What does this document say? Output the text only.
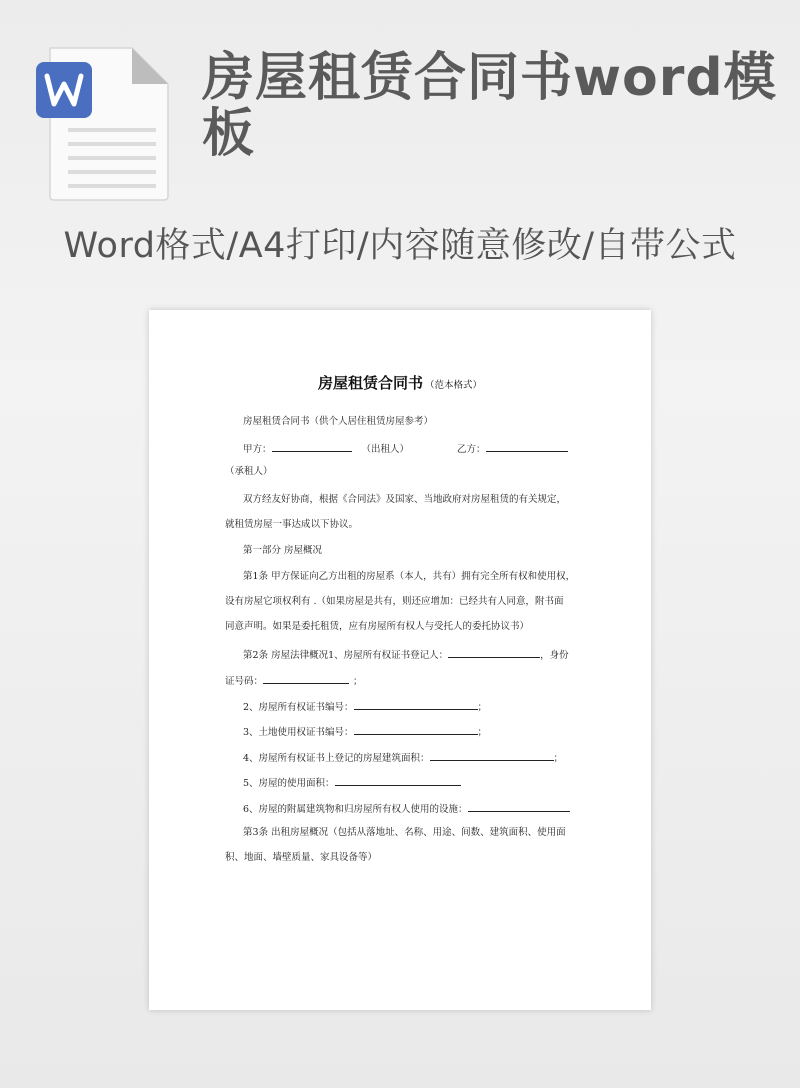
房屋租赁合同书word模板
Word格式/A4打印/内容随意修改/自带公式
房屋租赁合同书 （范本格式）
房屋租赁合同书（供个人居住租赁房屋参考）
甲方：	（出租人）	乙方：
（承租人）
双方经友好协商，根据《合同法》及国家、当地政府对房屋租赁的有关规定，
就租赁房屋一事达成以下协议。
第一部分 房屋概况
第1条 甲方保证向乙方出租的房屋系（本人，共有）拥有完全所有权和使用权，
设有房屋它项权利有 .（如果房屋是共有，则还应增加：已经共有人同意，附书面
同意声明。如果是委托租赁，应有房屋所有权人与受托人的委托协议书）
第2条 房屋法律概况1、房屋所有权证书登记人：	，身份
证号码：	；
2、房屋所有权证书编号：	；
3、土地使用权证书编号：	；
4、房屋所有权证书上登记的房屋建筑面积：	；
5、房屋的使用面积：
6、房屋的附属建筑物和归房屋所有权人使用的设施：
第3条 出租房屋概况（包括从落地址、名称、用途、间数、建筑面积、使用面
积、地面、墙壁质量、家具设备等）
